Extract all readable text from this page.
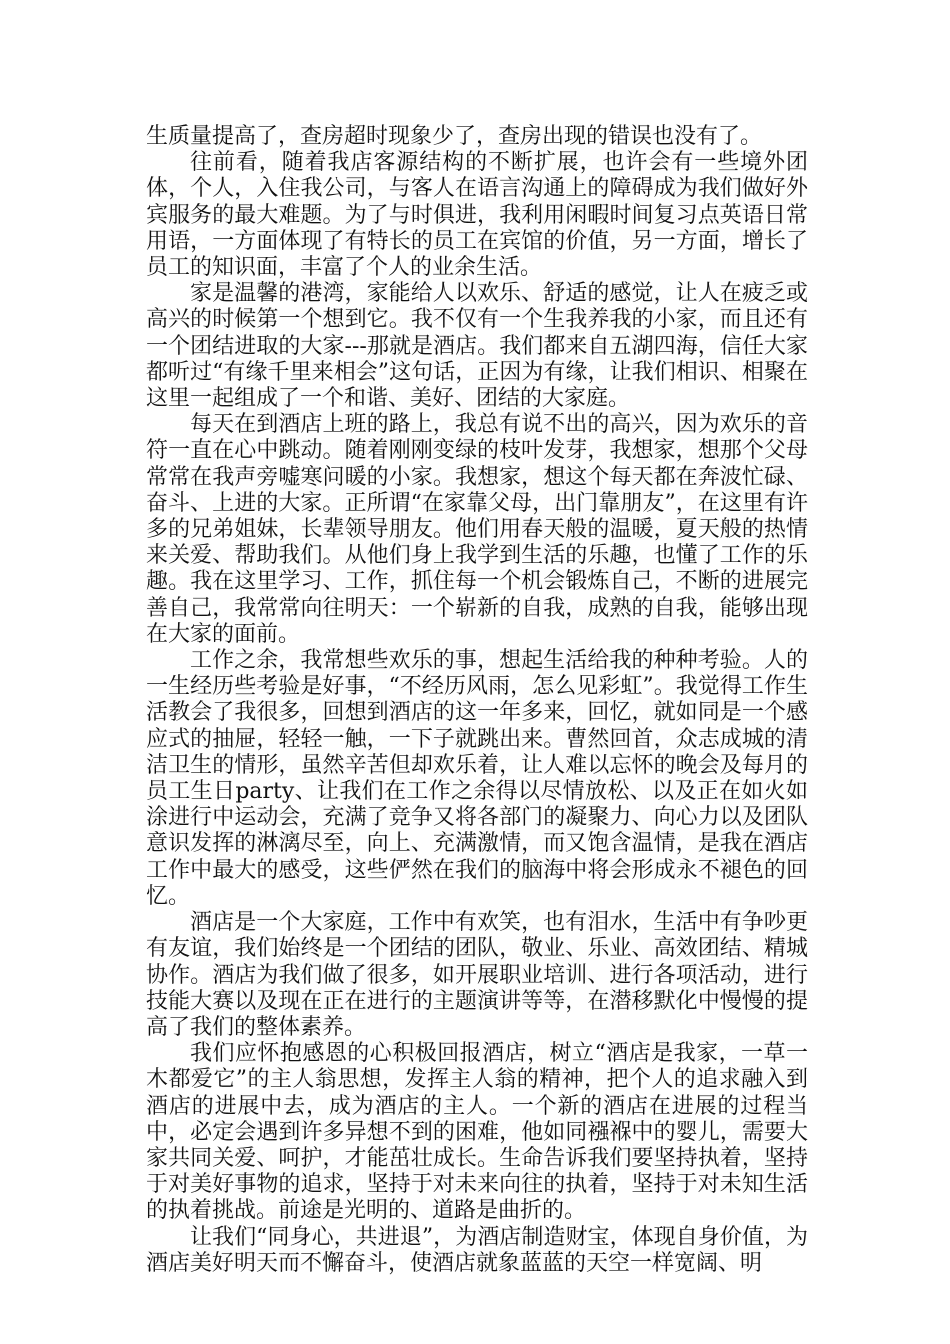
生质量提高了，查房超时现象少了，查房出现的错误也没有了。

往前看，随着我店客源结构的不断扩展，也许会有一些境外团体，个人，入住我公司，与客人在语言沟通上的障碍成为我们做好外宾服务的最大难题。为了与时俱进，我利用闲暇时间复习点英语日常用语，一方面体现了有特长的员工在宾馆的价值，另一方面，增长了员工的知识面，丰富了个人的业余生活。

家是温馨的港湾，家能给人以欢乐、舒适的感觉，让人在疲乏或高兴的时候第一个想到它。我不仅有一个生我养我的小家，而且还有一个团结进取的大家---那就是酒店。我们都来自五湖四海，信任大家都听过“有缘千里来相会”这句话，正因为有缘，让我们相识、相聚在这里一起组成了一个和谐、美好、团结的大家庭。

每天在到酒店上班的路上，我总有说不出的高兴，因为欢乐的音符一直在心中跳动。随着刚刚变绿的枝叶发芽，我想家，想那个父母常常在我声旁嘘寒问暖的小家。我想家，想这个每天都在奔波忙碌、奋斗、上进的大家。正所谓“在家靠父母，出门靠朋友”，在这里有许多的兄弟姐妹，长辈领导朋友。他们用春天般的温暖，夏天般的热情来关爱、帮助我们。从他们身上我学到生活的乐趣，也懂了工作的乐趣。我在这里学习、工作，抓住每一个机会锻炼自己，不断的进展完善自己，我常常向往明天：一个崭新的自我，成熟的自我，能够出现在大家的面前。

工作之余，我常想些欢乐的事，想起生活给我的种种考验。人的一生经历些考验是好事，“不经历风雨，怎么见彩虹”。我觉得工作生活教会了我很多，回想到酒店的这一年多来，回忆，就如同是一个感应式的抽屉，轻轻一触，一下子就跳出来。曹然回首，众志成城的清洁卫生的情形，虽然辛苦但却欢乐着，让人难以忘怀的晚会及每月的员工生日party、让我们在工作之余得以尽情放松、以及正在如火如涂进行中运动会，充满了竞争又将各部门的凝聚力、向心力以及团队意识发挥的淋漓尽至，向上、充满激情，而又饱含温情，是我在酒店工作中最大的感受，这些俨然在我们的脑海中将会形成永不褪色的回忆。

酒店是一个大家庭，工作中有欢笑，也有泪水，生活中有争吵更有友谊，我们始终是一个团结的团队，敬业、乐业、高效团结、精城协作。酒店为我们做了很多，如开展职业培训、进行各项活动，进行技能大赛以及现在正在进行的主题演讲等等，在潜移默化中慢慢的提高了我们的整体素养。

我们应怀抱感恩的心积极回报酒店，树立“酒店是我家，一草一木都爱它”的主人翁思想，发挥主人翁的精神，把个人的追求融入到酒店的进展中去，成为酒店的主人。一个新的酒店在进展的过程当中，必定会遇到许多异想不到的困难，他如同襁褓中的婴儿，需要大家共同关爱、呵护，才能茁壮成长。生命告诉我们要坚持执着，坚持于对美好事物的追求，坚持于对未来向往的执着，坚持于对未知生活的执着挑战。前途是光明的、道路是曲折的。

让我们“同身心，共进退”，为酒店制造财宝，体现自身价值，为酒店美好明天而不懈奋斗，使酒店就象蓝蓝的天空一样宽阔、明
